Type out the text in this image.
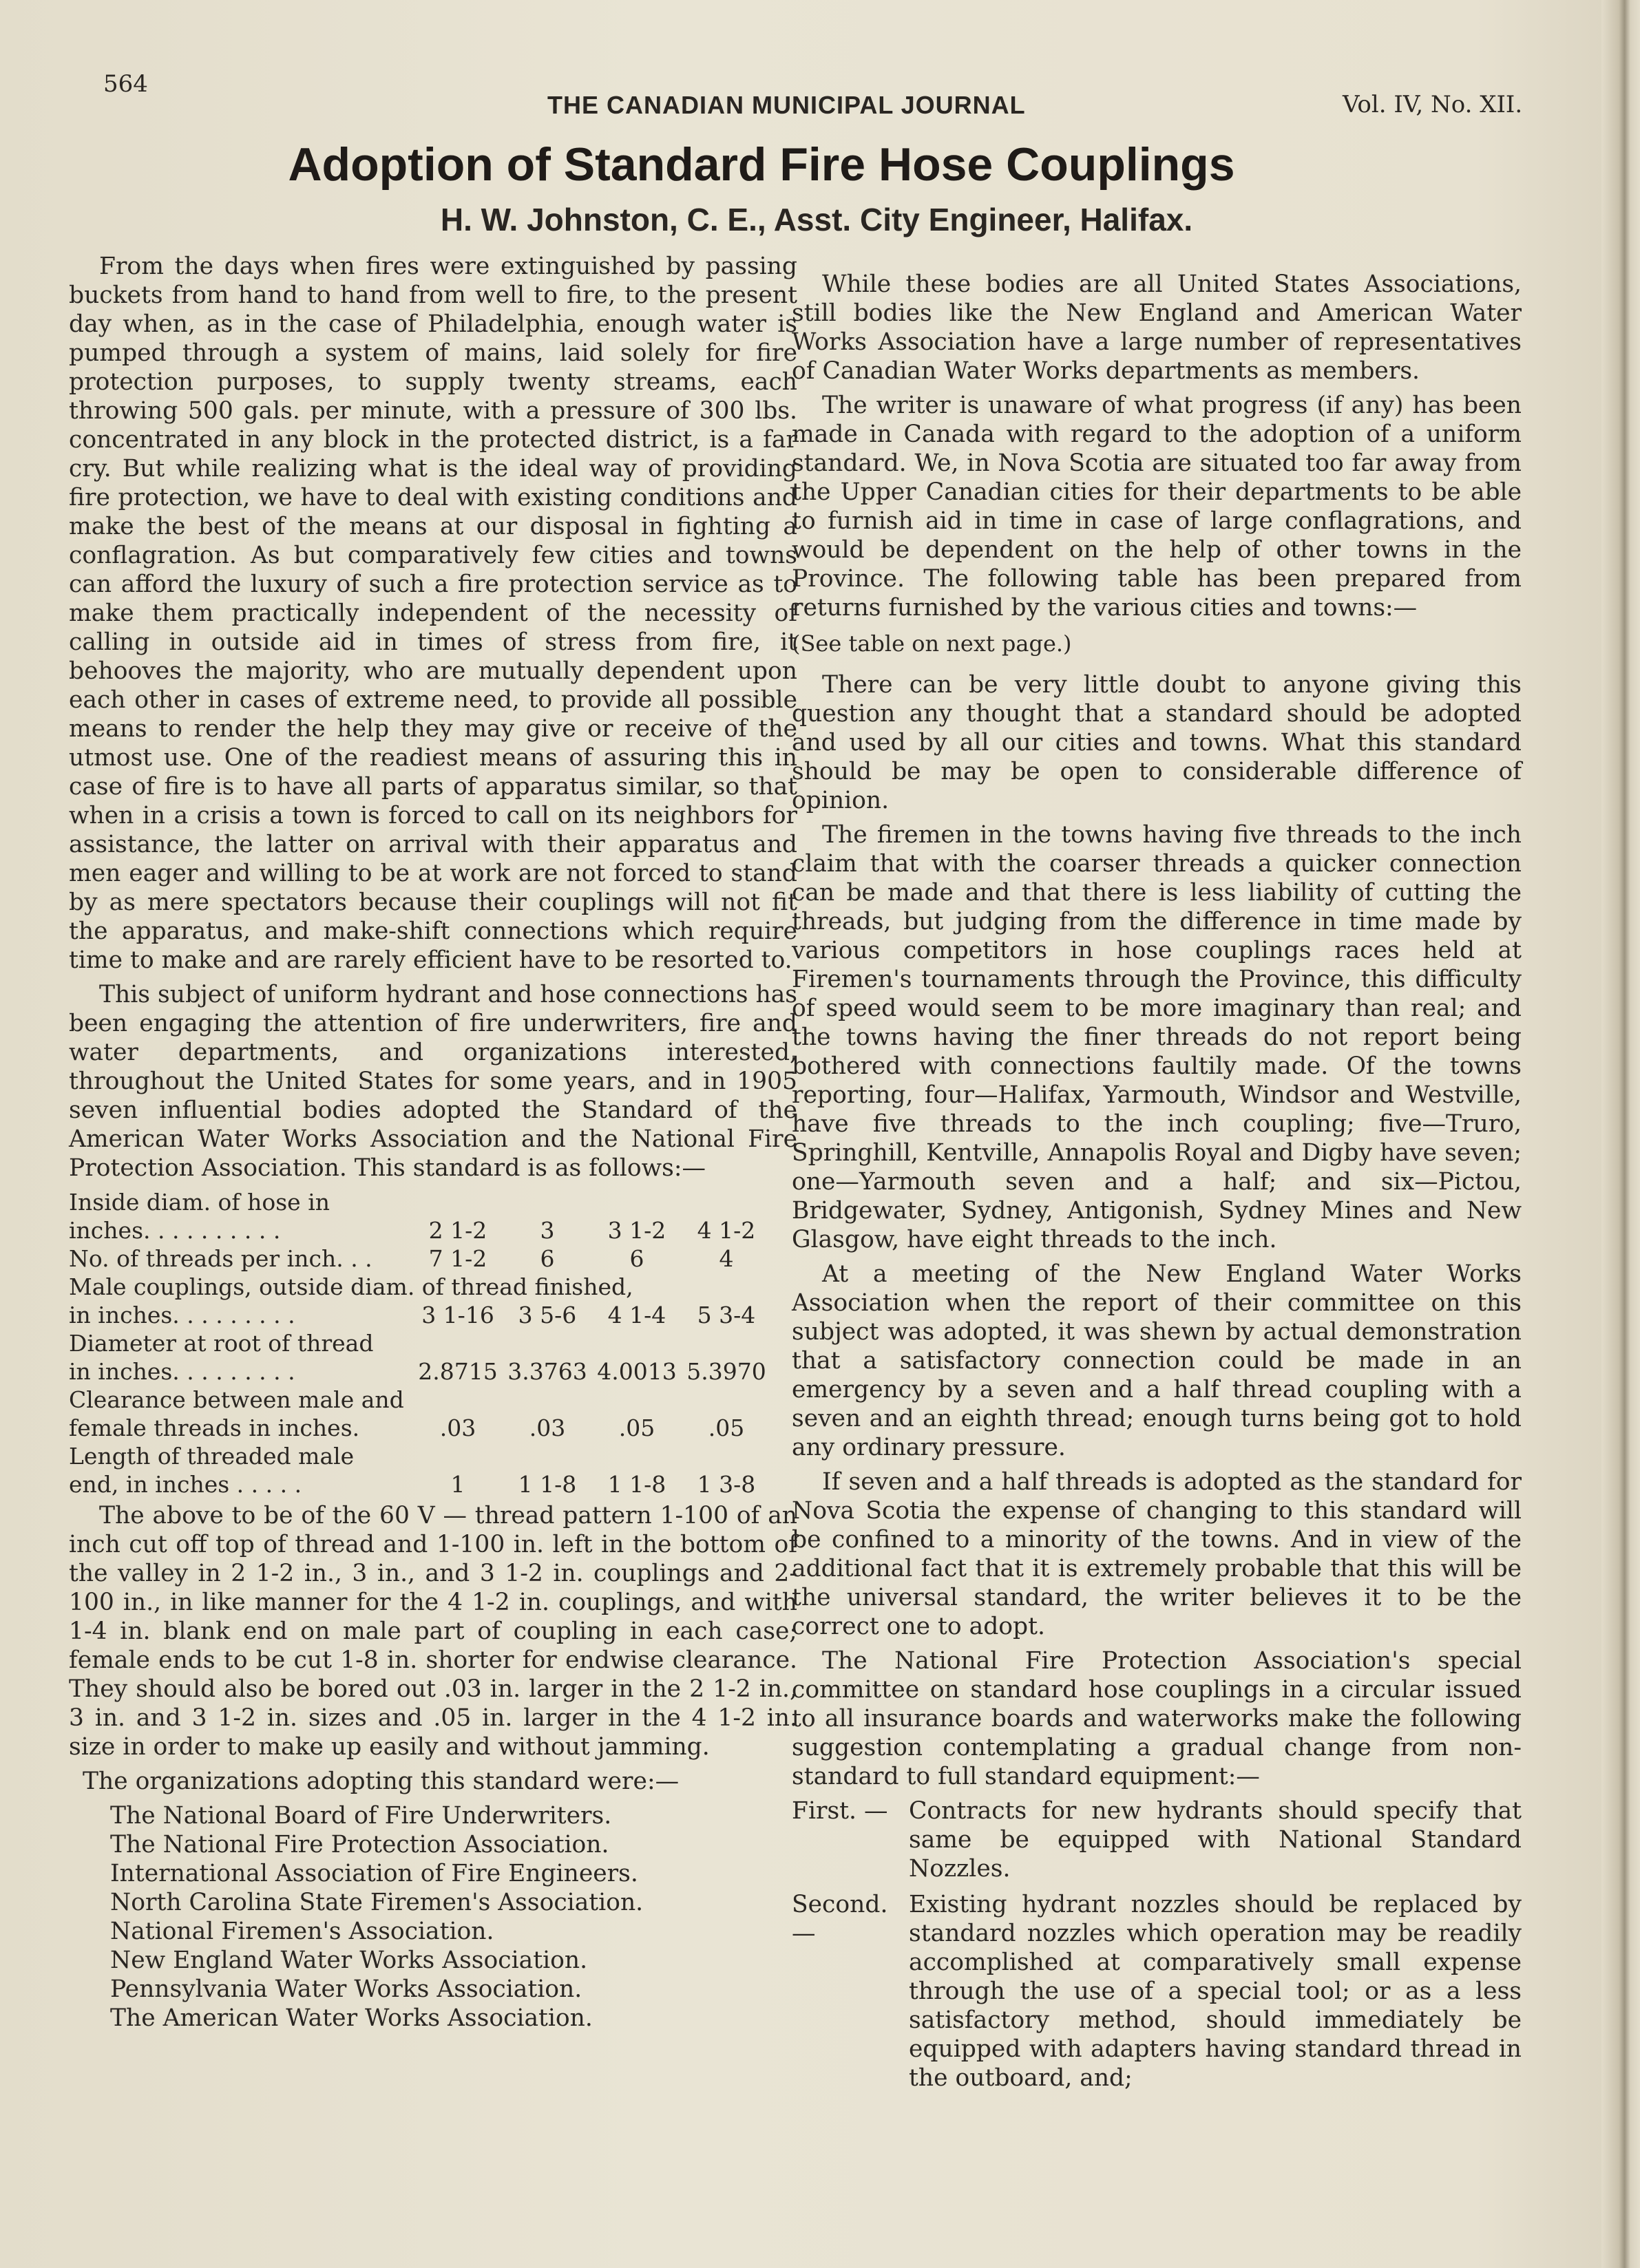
564
THE CANADIAN MUNICIPAL JOURNAL	Vol. IV, No. XII.
Adoption of Standard Fire Hose Couplings
H. W. Johnston, C. E., Asst. City Engineer, Halifax.

From the days when fires were extinguished by passing buckets from hand to hand from well to fire, to the present day when, as in the case of Philadelphia, enough water is pumped through a system of mains, laid solely for fire protection purposes, to supply twenty streams, each throwing 500 gals. per minute, with a pressure of 300 lbs. concentrated in any block in the protected district, is a far cry. But while realizing what is the ideal way of providing fire protection, we have to deal with existing conditions and make the best of the means at our disposal in fighting a conflagration. As but comparatively few cities and towns can afford the luxury of such a fire protection service as to make them practically independent of the necessity of calling in outside aid in times of stress from fire, it behooves the majority, who are mutually dependent upon each other in cases of extreme need, to provide all possible means to render the help they may give or receive of the utmost use. One of the readiest means of assuring this in case of fire is to have all parts of apparatus similar, so that when in a crisis a town is forced to call on its neighbors for assistance, the latter on arrival with their apparatus and men eager and willing to be at work are not forced to stand by as mere spectators because their couplings will not fit the apparatus, and make-shift connections which require time to make and are rarely efficient have to be resorted to.

This subject of uniform hydrant and hose connections has been engaging the attention of fire underwriters, fire and water departments, and organizations interested, throughout the United States for some years, and in 1905 seven influential bodies adopted the Standard of the American Water Works Association and the National Fire Protection Association. This standard is as follows:—

Inside diam. of hose in				
inches. . . . . . . . . .	2 1-2	3	3 1-2	4 1-2
No. of threads per inch. . .	7 1-2	6	6	4
Male couplings, outside diam. of thread finished,				
in inches. . . . . . . . .	3 1-16	3 5-6	4 1-4	5 3-4
Diameter at root of thread				
in inches. . . . . . . . .	2.8715	3.3763	4.0013	5.3970
Clearance between male and				
female threads in inches.	.03	.03	.05	.05
Length of threaded male				
end, in inches . . . . .	1	1 1-8	1 1-8	1 3-8

The above to be of the 60 V — thread pattern 1-100 of an inch cut off top of thread and 1-100 in. left in the bottom of the valley in 2 1-2 in., 3 in., and 3 1-2 in. couplings and 2-100 in., in like manner for the 4 1-2 in. couplings, and with 1-4 in. blank end on male part of coupling in each case; female ends to be cut 1-8 in. shorter for endwise clearance. They should also be bored out .03 in. larger in the 2 1-2 in., 3 in. and 3 1-2 in. sizes and .05 in. larger in the 4 1-2 in. size in order to make up easily and without jamming.

The organizations adopting this standard were:—

The National Board of Fire Underwriters.
The National Fire Protection Association.
International Association of Fire Engineers.
North Carolina State Firemen's Association.
National Firemen's Association.
New England Water Works Association.
Pennsylvania Water Works Association.
The American Water Works Association.

While these bodies are all United States Associations, still bodies like the New England and American Water Works Association have a large number of representatives of Canadian Water Works departments as members.

The writer is unaware of what progress (if any) has been made in Canada with regard to the adoption of a uniform standard. We, in Nova Scotia are situated too far away from the Upper Canadian cities for their departments to be able to furnish aid in time in case of large conflagrations, and would be dependent on the help of other towns in the Province. The following table has been prepared from returns furnished by the various cities and towns:—

(See table on next page.)

There can be very little doubt to anyone giving this question any thought that a standard should be adopted and used by all our cities and towns. What this standard should be may be open to considerable difference of opinion.

The firemen in the towns having five threads to the inch claim that with the coarser threads a quicker connection can be made and that there is less liability of cutting the threads, but judging from the difference in time made by various competitors in hose couplings races held at Firemen's tournaments through the Province, this difficulty of speed would seem to be more imaginary than real; and the towns having the finer threads do not report being bothered with connections faultily made. Of the towns reporting, four—Halifax, Yarmouth, Windsor and Westville, have five threads to the inch coupling; five—Truro, Springhill, Kentville, Annapolis Royal and Digby have seven; one—Yarmouth seven and a half; and six—Pictou, Bridgewater, Sydney, Antigonish, Sydney Mines and New Glasgow, have eight threads to the inch.

At a meeting of the New England Water Works Association when the report of their committee on this subject was adopted, it was shewn by actual demonstration that a satisfactory connection could be made in an emergency by a seven and a half thread coupling with a seven and an eighth thread; enough turns being got to hold any ordinary pressure.

If seven and a half threads is adopted as the standard for Nova Scotia the expense of changing to this standard will be confined to a minority of the towns. And in view of the additional fact that it is extremely probable that this will be the universal standard, the writer believes it to be the correct one to adopt.

The National Fire Protection Association's special committee on standard hose couplings in a circular issued to all insurance boards and waterworks make the following suggestion contemplating a gradual change from non-standard to full standard equipment:—

First. — Contracts for new hydrants should specify that same be equipped with National Standard Nozzles.
Second.—
Existing hydrant nozzles should be replaced by standard nozzles which operation may be readily accomplished at comparatively small expense through the use of a special tool; or as a less satisfactory method, should immediately be equipped with adapters having standard thread in the outboard, and;
